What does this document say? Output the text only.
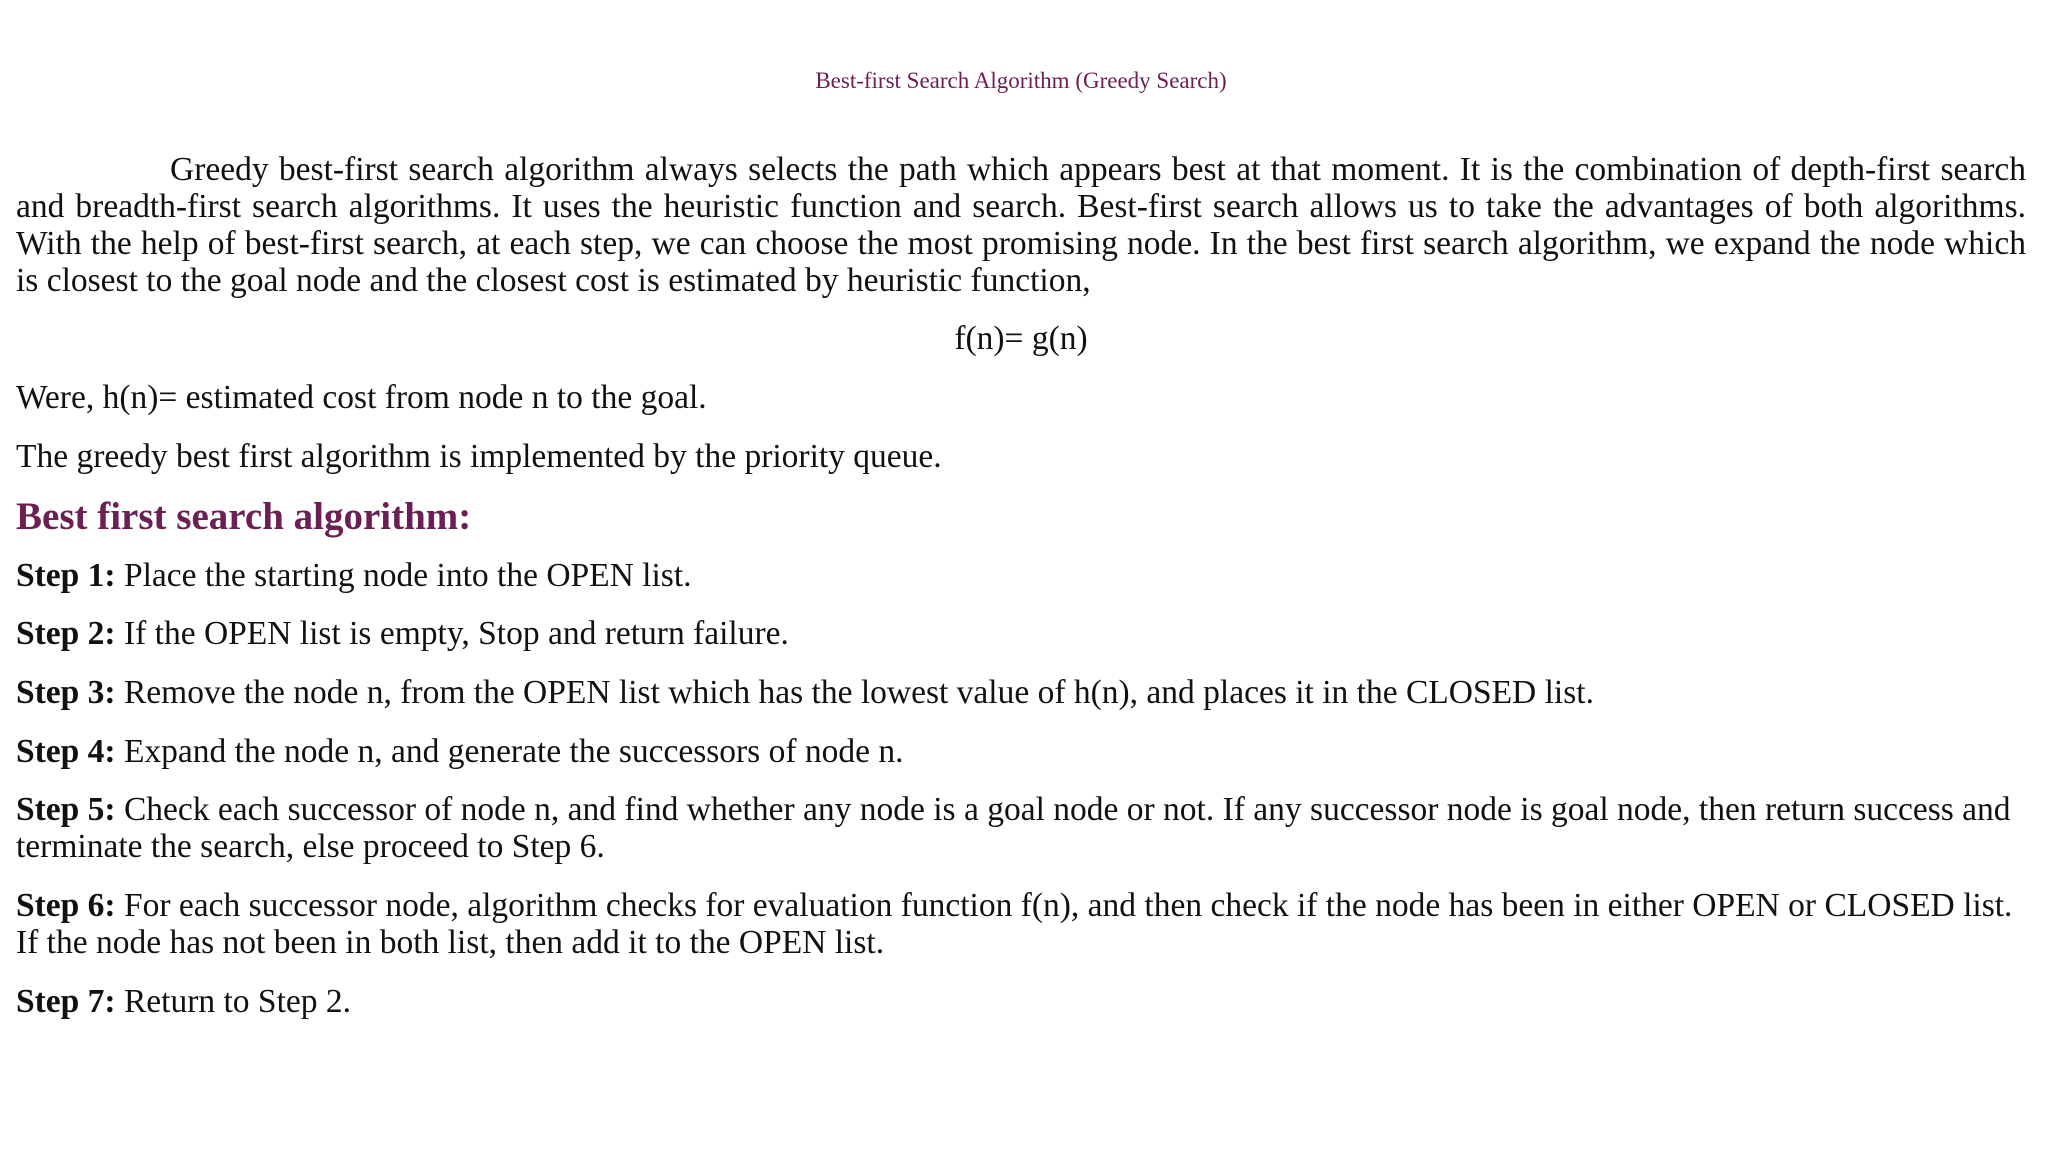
Best-first Search Algorithm (Greedy Search)

Greedy best-first search algorithm always selects the path which appears best at that moment. It is the combination of depth-first search and breadth-first search algorithms. It uses the heuristic function and search. Best-first search allows us to take the advantages of both algorithms. With the help of best-first search, at each step, we can choose the most promising node. In the best first search algorithm, we expand the node which is closest to the goal node and the closest cost is estimated by heuristic function,

f(n)= g(n)

Were, h(n)= estimated cost from node n to the goal.

The greedy best first algorithm is implemented by the priority queue.

Best first search algorithm:

Step 1: Place the starting node into the OPEN list.

Step 2: If the OPEN list is empty, Stop and return failure.

Step 3: Remove the node n, from the OPEN list which has the lowest value of h(n), and places it in the CLOSED list.

Step 4: Expand the node n, and generate the successors of node n.

Step 5: Check each successor of node n, and find whether any node is a goal node or not. If any successor node is goal node, then return success and terminate the search, else proceed to Step 6.

Step 6: For each successor node, algorithm checks for evaluation function f(n), and then check if the node has been in either OPEN or CLOSED list. If the node has not been in both list, then add it to the OPEN list.

Step 7: Return to Step 2.
